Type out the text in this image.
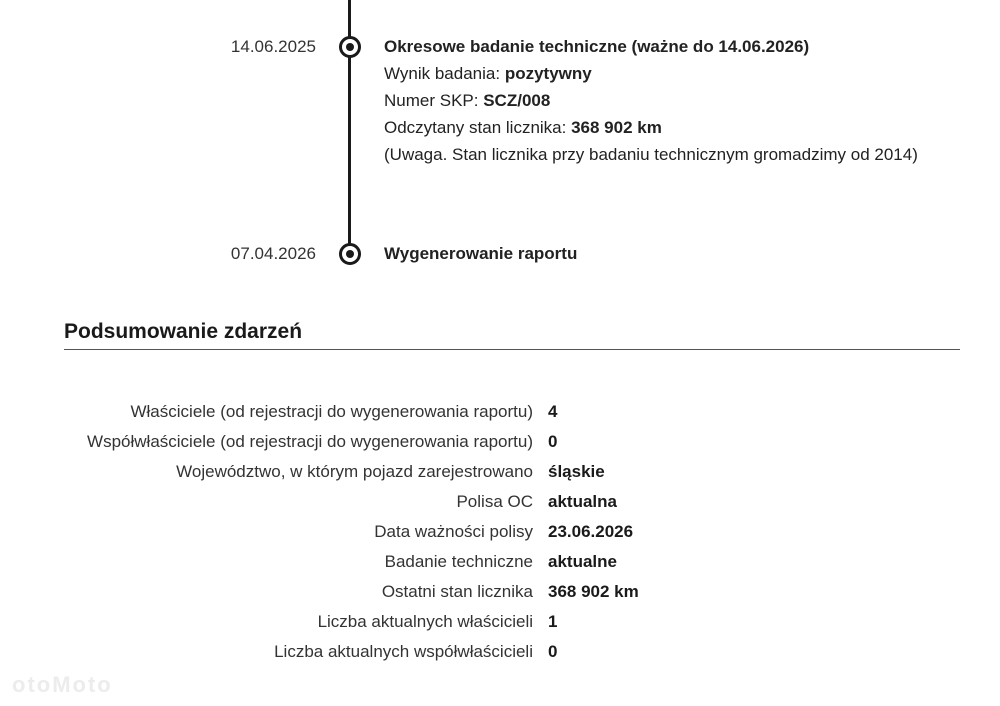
14.06.2025	Okresowe badanie techniczne (ważne do 14.06.2026)
Wynik badania: pozytywny
Numer SKP: SCZ/008
Odczytany stan licznika: 368 902 km
(Uwaga. Stan licznika przy badaniu technicznym gromadzimy od 2014)
07.04.2026	Wygenerowanie raportu
Podsumowanie zdarzeń
Właściciele (od rejestracji do wygenerowania raportu) 4
Współwłaściciele (od rejestracji do wygenerowania raportu) 0
Województwo, w którym pojazd zarejestrowano śląskie
Polisa OC aktualna
Data ważności polisy 23.06.2026
Badanie techniczne aktualne
Ostatni stan licznika 368 902 km
Liczba aktualnych właścicieli 1
Liczba aktualnych współwłaścicieli 0
otoMoto
